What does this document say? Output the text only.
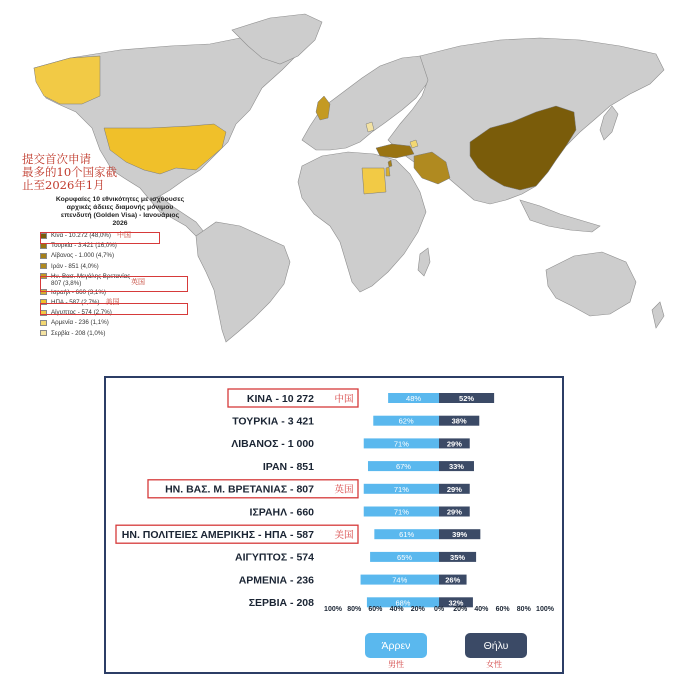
提交首次申请
最多的10个国家截
止至2026年1月
Κορυφαίες 10 εθνικότητες με ισχύουσες αρχικές άδειες διαμονής μόνιμου επενδυτή (Golden Visa) - Ιανουάριος 2026
Κίνα - 10.272 (48,0%) 中国
Τουρκία - 3.421 (16,0%)
Λίβανος - 1.000 (4,7%)
Ιράν - 851 (4,0%)
Ην. Βασ. Μεγάλης Βρετανίας - 807 (3,8%)	英国
Ισραήλ - 660 (3,1%)
ΗΠΑ - 587 (2,7%) 美国
Αίγυπτος - 574 (2,7%)
Αρμενία - 236 (1,1%)
Σερβία - 208 (1,0%)
ΚΙΝΑ - 10 272	48%	52%
ΤΟΥΡΚΙΑ - 3 421	62%	38%
ΛΙΒΑΝΟΣ - 1 000	71%	29%
ΙΡΑΝ - 851	67%	33%
ΗΝ. ΒΑΣ. Μ. ΒΡΕΤΑΝΙΑΣ - 807	71%	29%
ΙΣΡΑΗΛ - 660	71%	29%
ΗΝ. ΠΟΛΙΤΕΙΕΣ ΑΜΕΡΙΚΗΣ - ΗΠΑ - 587	61%	39%
ΑΙΓΥΠΤΟΣ - 574	65%	35%
ΑΡΜΕΝΙΑ - 236	74%	26%
ΣΕΡΒΙΑ - 208	68%	32%
100% 80% 60% 40% 20% 0% 20% 40% 60% 80% 100%
中国
英国
美国
Άρρεν
男性
Θήλυ
女性
